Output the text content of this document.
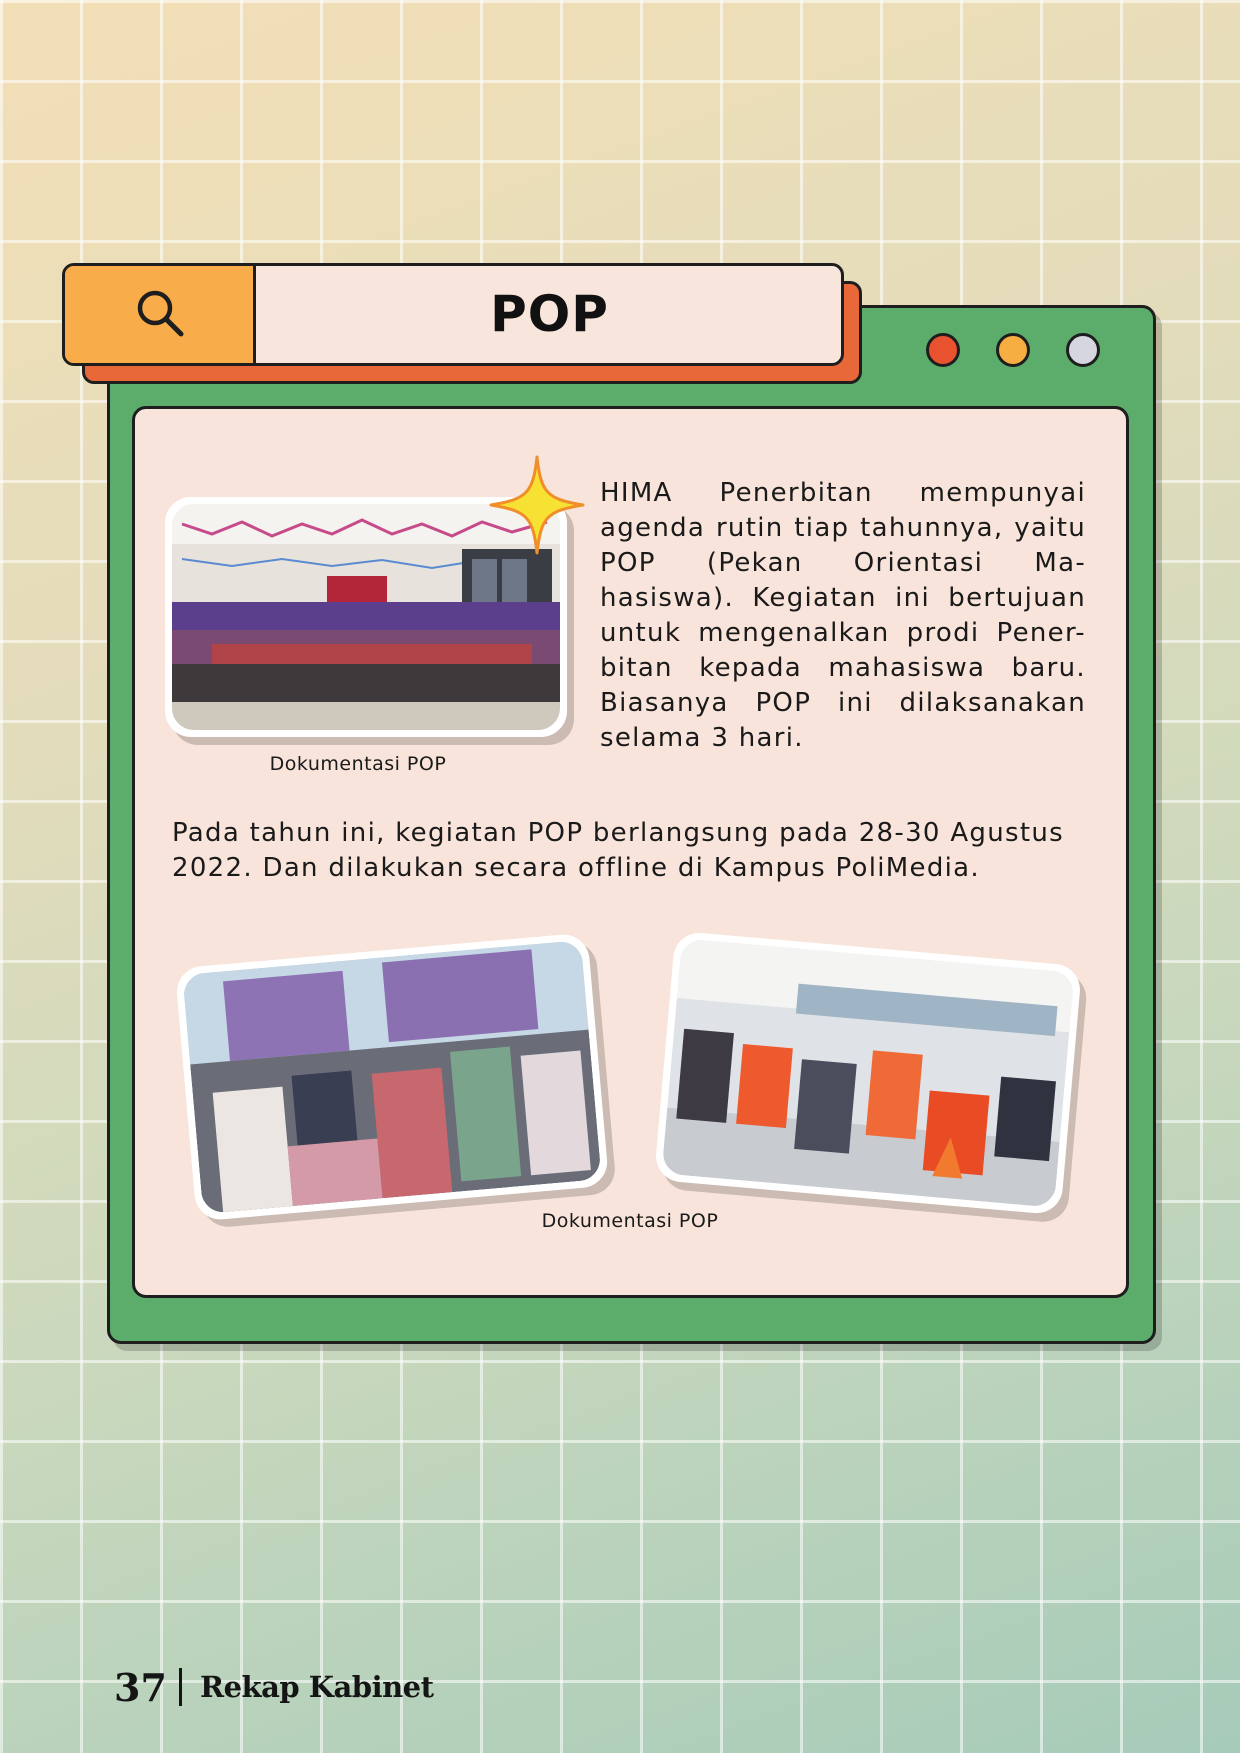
POP
Dokumentasi POP
HIMA Penerbitan mempunyai agenda rutin tiap tahunnya, yaitu POP (Pekan Orientasi Ma-hasiswa). Kegiatan ini bertujuan untuk mengenalkan prodi Pener-bitan kepada mahasiswa baru. Biasanya POP ini dilaksanakan selama 3 hari.
Pada tahun ini, kegiatan POP berlangsung pada 28-30 Agustus 2022. Dan dilakukan secara offline di Kampus PoliMedia.
Dokumentasi POP
37 Rekap Kabinet
